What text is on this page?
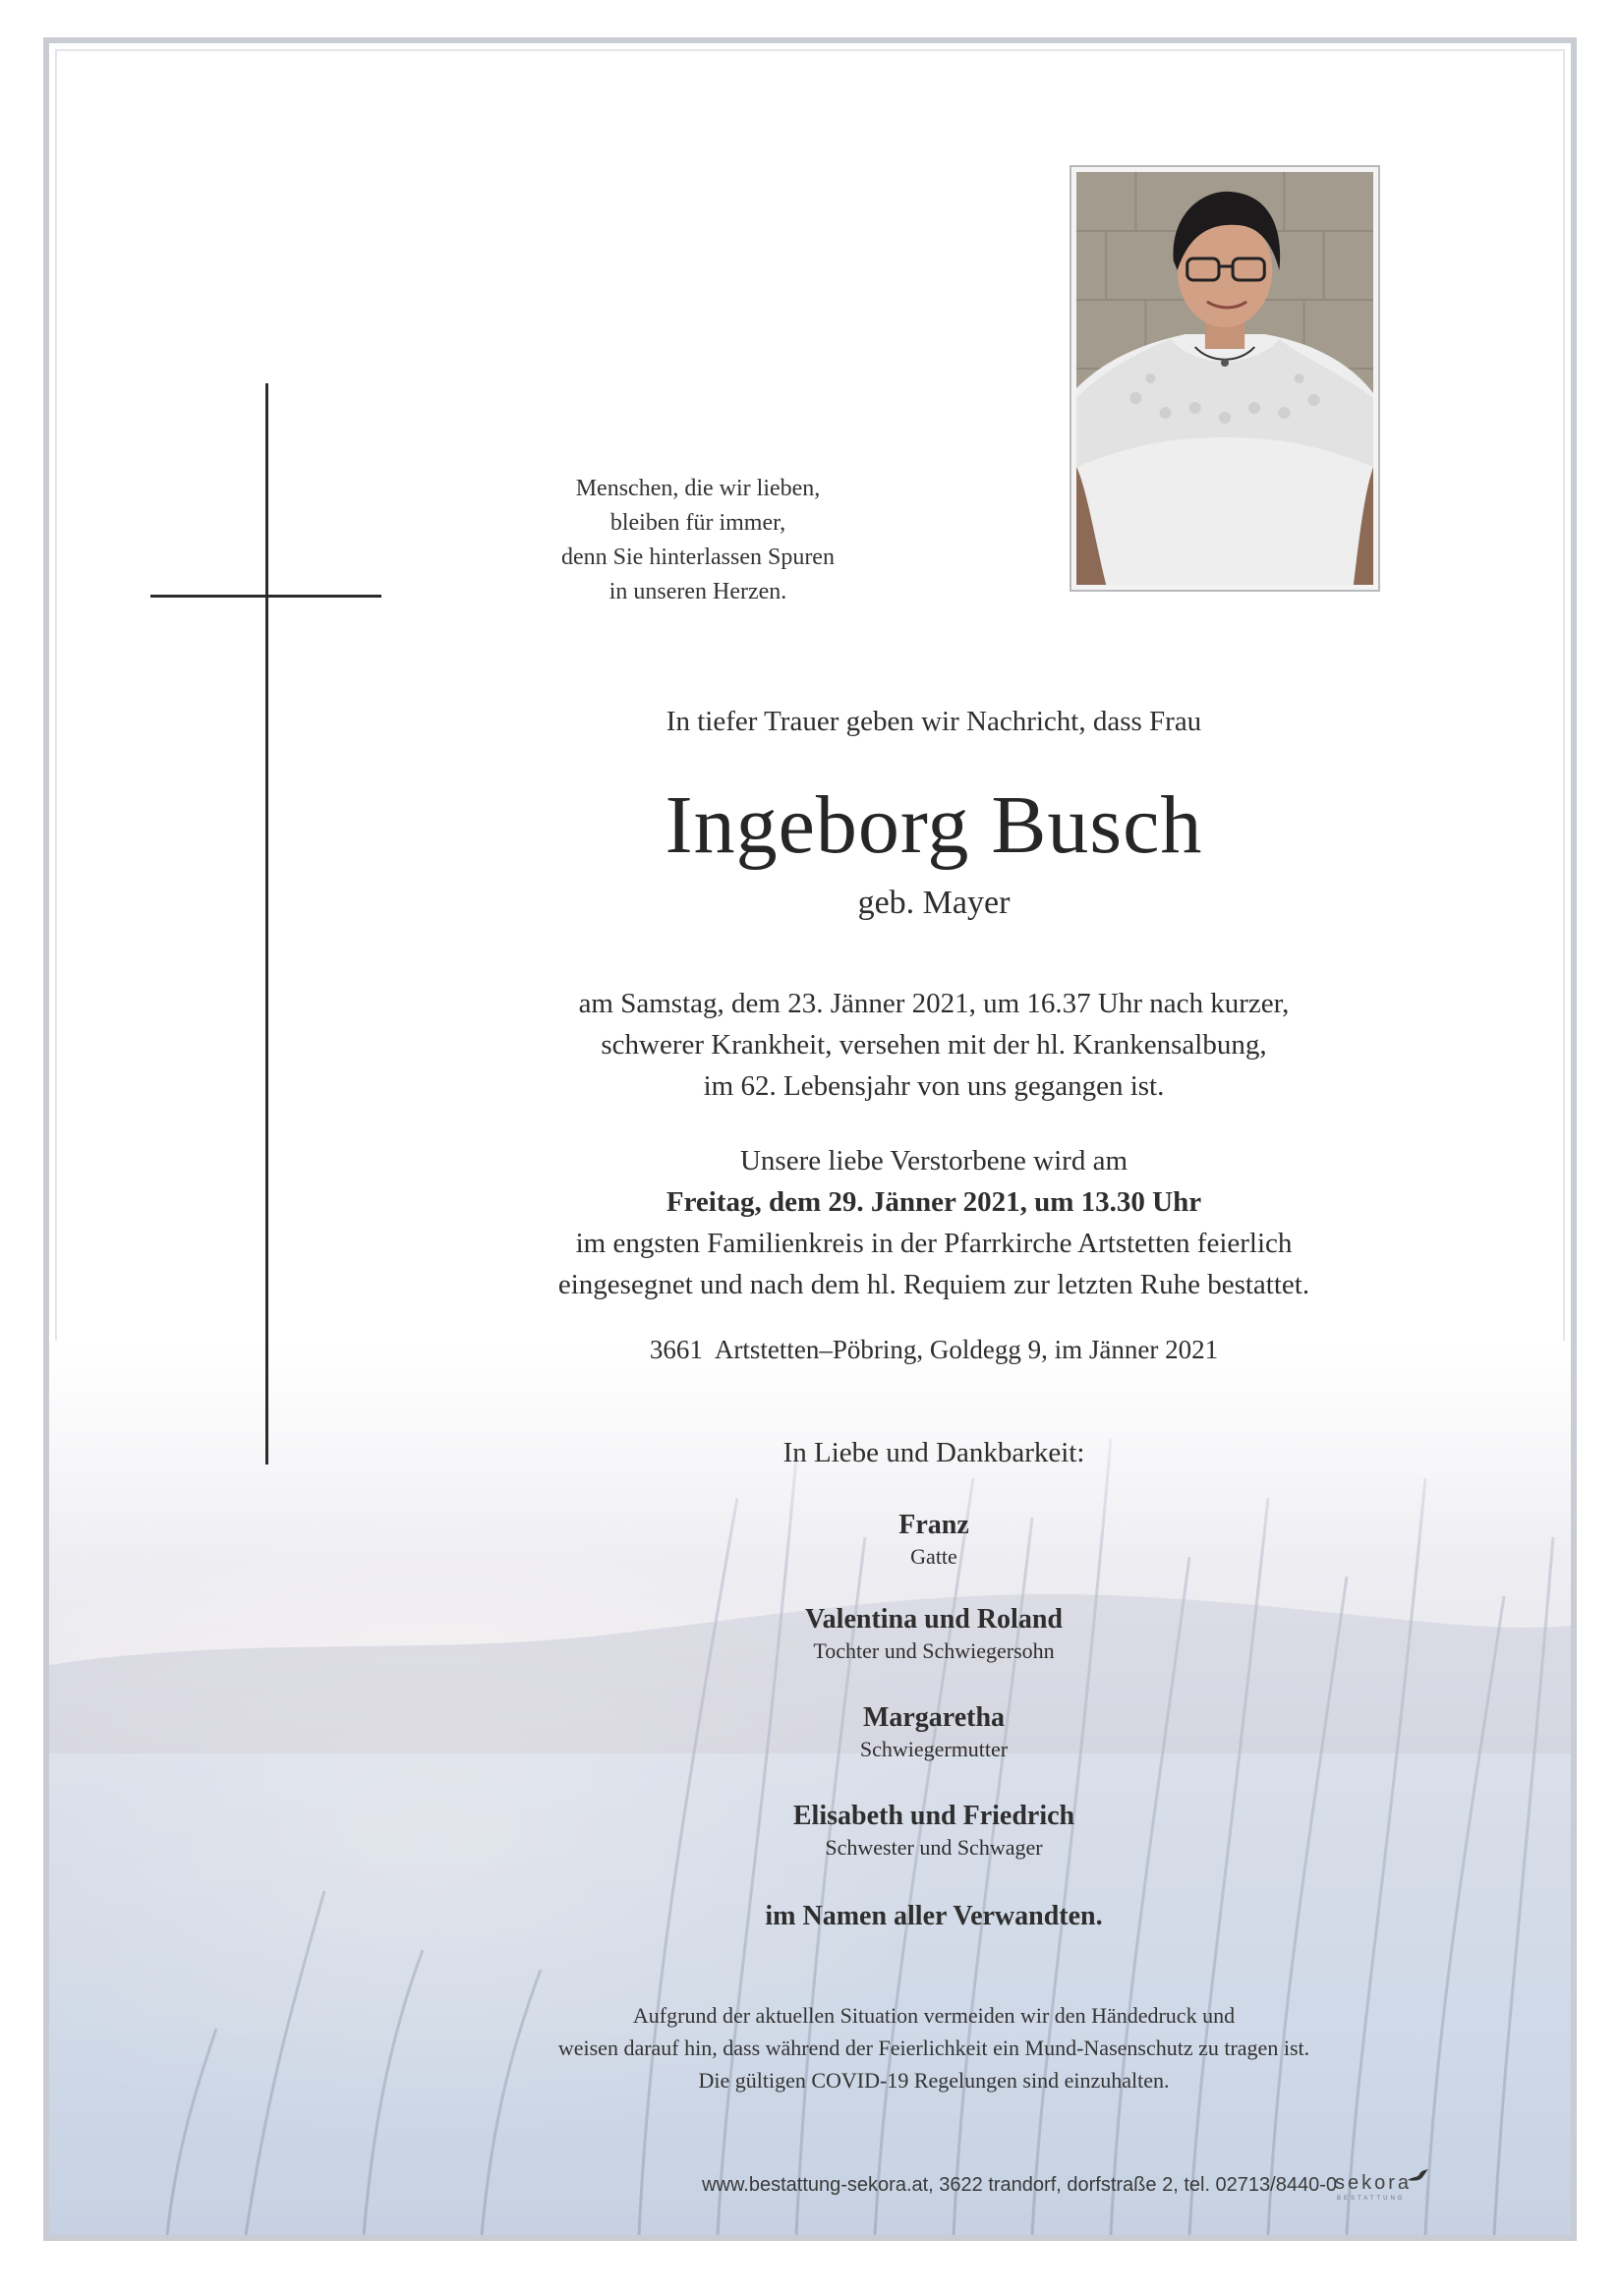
Menschen, die wir lieben,
bleiben für immer,
denn Sie hinterlassen Spuren
in unseren Herzen.
In tiefer Trauer geben wir Nachricht, dass Frau
Ingeborg Busch
geb. Mayer
am Samstag, dem 23. Jänner 2021, um 16.37 Uhr nach kurzer,
schwerer Krankheit, versehen mit der hl. Krankensalbung,
im 62. Lebensjahr von uns gegangen ist.
Unsere liebe Verstorbene wird am
Freitag, dem 29. Jänner 2021, um 13.30 Uhr
im engsten Familienkreis in der Pfarrkirche Artstetten feierlich
eingesegnet und nach dem hl. Requiem zur letzten Ruhe bestattet.
3661  Artstetten–Pöbring, Goldegg 9, im Jänner 2021
In Liebe und Dankbarkeit:
Franz
Gatte
Valentina und Roland
Tochter und Schwiegersohn
Margaretha
Schwiegermutter
Elisabeth und Friedrich
Schwester und Schwager
im Namen aller Verwandten.
Aufgrund der aktuellen Situation vermeiden wir den Händedruck und
weisen darauf hin, dass während der Feierlichkeit ein Mund-Nasenschutz zu tragen ist.
Die gültigen COVID-19 Regelungen sind einzuhalten.
www.bestattung-sekora.at, 3622 trandorf, dorfstraße 2, tel. 02713/8440-0
sekora
BESTATTUNG
